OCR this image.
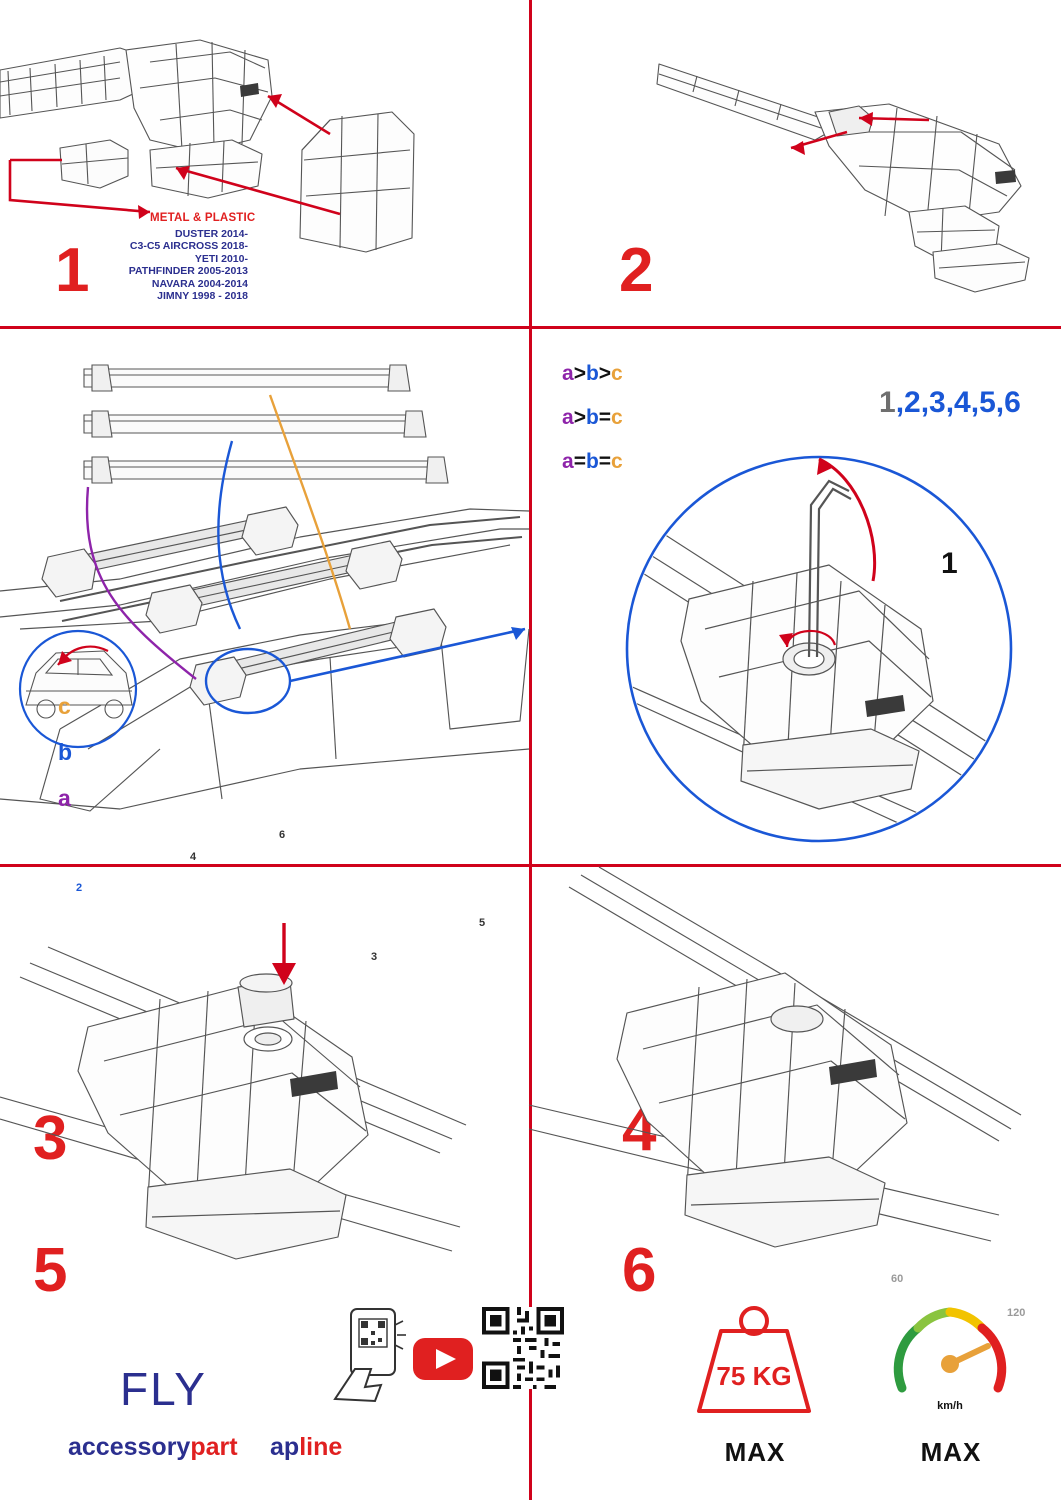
METAL & PLASTIC
DUSTER 2014-
C3-C5 AIRCROSS 2018-
YETI 2010-
PATHFINDER 2005-2013
NAVARA 2004-2014
JIMNY 1998 - 2018
1	2
c
b
a
2
4
6
3
5
3
a>b>c
a>b=c
a=b=c
1,2,3,4,5,6
1
4
5
FLY
accessorypart apline
6
75 KG
MAX
60
120
km/h
MAX
